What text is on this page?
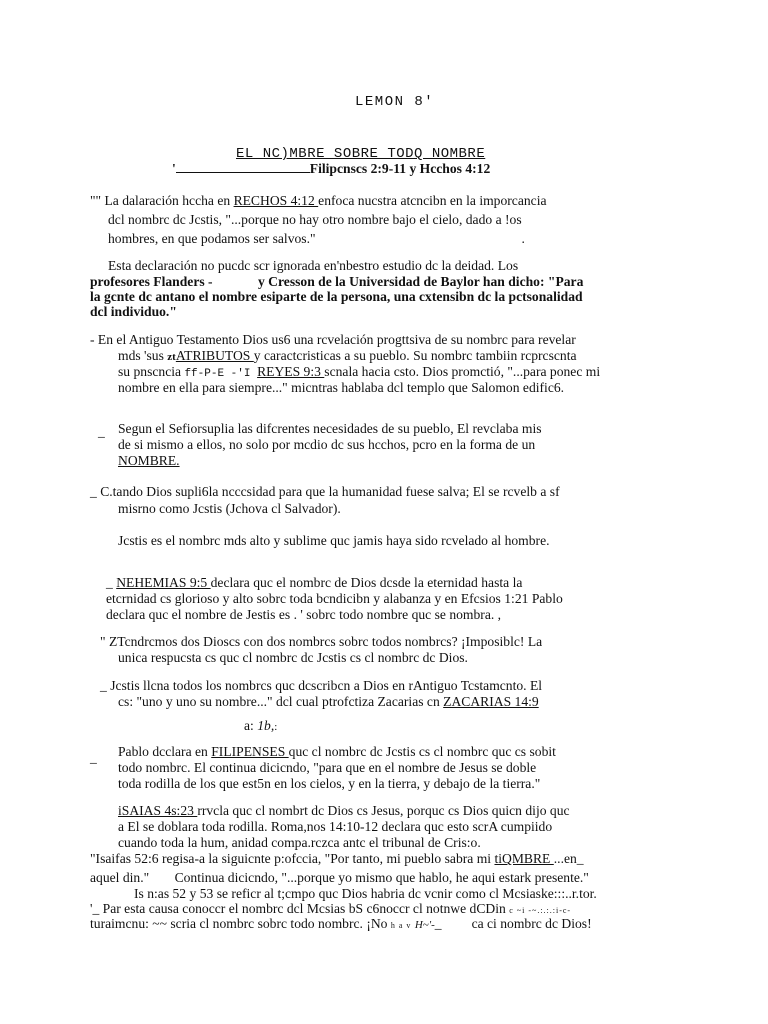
LEMON 8'
EL NC)MBRE SOBRE TODQ NOMBRE
'	Filipcnscs 2:9-11 y Hcchos 4:12
"" La dalaración hccha en RECHOS 4:12 enfoca nucstra atcncibn en la imporcancia
dcl nombrc dc Jcstis, "...porque no hay otro nombre bajo el cielo, dado a !os
hombres, en que podamos ser salvos."	.
Esta declaración no pucdc scr ignorada en'nbestro estudio dc la deidad. Los
profesores Flanders -	y Cresson de la Universidad de Baylor han dicho: "Para
la gcnte dc antano el nombre esiparte de la persona, una cxtensibn dc la pctsonalidad
dcl individuo."
- En el Antiguo Testamento Dios us6 una rcvelación progttsiva de su nombrc para revelar
mds 'sus ztATRIBUTOS y caractcristicas a su pueblo. Su nombrc tambiin rcprcscnta
su pnscncia ff-P-E -'I REYES 9:3 scnala hacia csto. Dios promctió, "...para ponec mi
nombre en ella para siempre..." micntras hablaba dcl templo que Salomon edific6.
_ Segun el Sefiorsuplia las difcrentes necesidades de su pueblo, El revclaba mis
de si mismo a ellos, no solo por mcdio dc sus hcchos, pcro en la forma de un
NOMBRE.
_ C.tando Dios supli6la ncccsidad para que la humanidad fuese salva; El se rcvelb a sf
misrno como Jcstis (Jchova cl Salvador).
Jcstis es el nombrc mds alto y sublime quc jamis haya sido rcvelado al hombre.
_ NEHEMIAS 9:5 declara quc el nombrc de Dios dcsde la eternidad hasta la
etcrnidad cs glorioso y alto sobrc toda bcndicibn y alabanza y en Efcsios 1:21 Pablo
declara quc el nombre de Jestis es . ' sobrc todo nombre quc se nombra. ,
" ZTcndrcmos dos Dioscs con dos nombrcs sobrc todos nombrcs? ¡Imposiblc! La
unica respucsta cs quc cl nombrc dc Jcstis cs cl nombrc dc Dios.
_ Jcstis llcna todos los nombrcs quc dcscribcn a Dios en rAntiguo Tcstamcnto. El
cs: "uno y uno su nombre..." dcl cual ptrofctiza Zacarias cn ZACARIAS 14:9
a: 1b,:
_ Pablo dcclara en FILIPENSES quc cl nombrc dc Jcstis cs cl nombrc quc cs sobit
todo nombrc. El continua dicicndo, "para que en el nombre de Jesus se doble
toda rodilla de los que est5n en los cielos, y en la tierra, y debajo de la tierra."
iSAIAS 4s:23 rrvcla quc cl nombrt dc Dios cs Jesus, porquc cs Dios quicn dijo quc
a El se doblara toda rodilla. Roma,nos 14:10-12 declara quc esto scrA cumpiido
cuando toda la hum, anidad compa.rczca antc el tribunal de Cris:o.
"Isaifas 52:6 regisa-a la siguicnte p:ofccia, "Por tanto, mi pueblo sabra mi tiQMBRE ...en_
aquel din." Continua dicicndo, "...porque yo mismo que hablo, he aqui estark presente."
Is n:as 52 y 53 se reficr al t;cmpo quc Dios habria dc vcnir como cl Mcsiaske:::..r.tor.
'_ Par esta causa conoccr el nombrc dcl Mcsias bS c6noccr cl notnwe dCDin c ~i -~.:.:.:i-c-
turaimcnu: ~~ scria cl nombrc sobrc todo nombrc. ¡No h a v H~'-_ ca ci nombrc dc Dios!
